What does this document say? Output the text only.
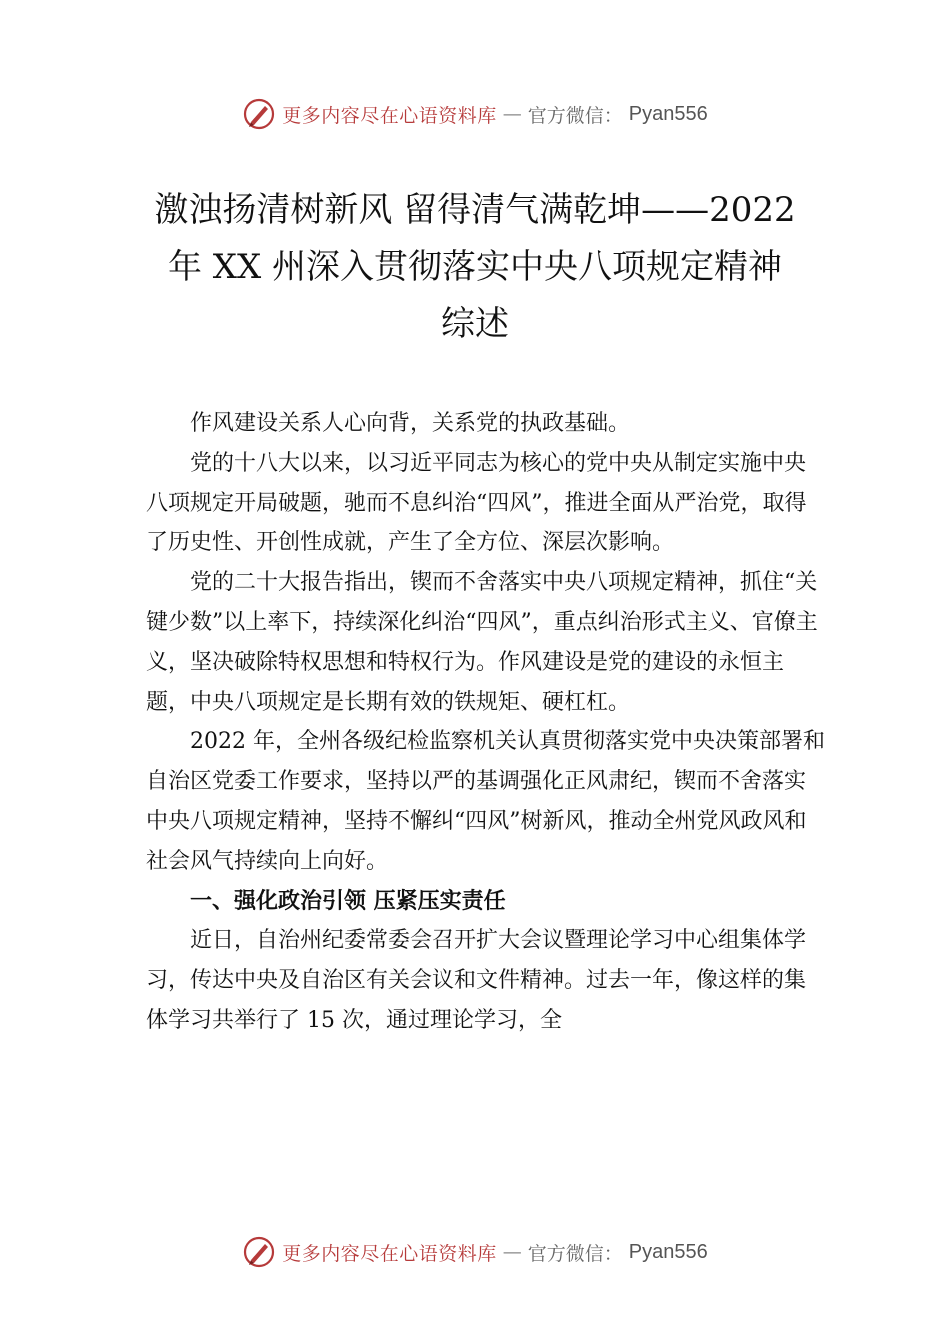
更多内容尽在心语资料库 — 官方微信： Pyan556
激浊扬清树新风 留得清气满乾坤——2022
年 XX 州深入贯彻落实中央八项规定精神
综述

作风建设关系人心向背，关系党的执政基础。

党的十八大以来，以习近平同志为核心的党中央从制定实施中央八项规定开局破题，驰而不息纠治“四风”，推进全面从严治党，取得了历史性、开创性成就，产生了全方位、深层次影响。

党的二十大报告指出，锲而不舍落实中央八项规定精神，抓住“关键少数”以上率下，持续深化纠治“四风”，重点纠治形式主义、官僚主义，坚决破除特权思想和特权行为。作风建设是党的建设的永恒主题，中央八项规定是长期有效的铁规矩、硬杠杠。

2022 年，全州各级纪检监察机关认真贯彻落实党中央决策部署和自治区党委工作要求，坚持以严的基调强化正风肃纪，锲而不舍落实中央八项规定精神，坚持不懈纠“四风”树新风，推动全州党风政风和社会风气持续向上向好。

一、强化政治引领 压紧压实责任

近日，自治州纪委常委会召开扩大会议暨理论学习中心组集体学习，传达中央及自治区有关会议和文件精神。过去一年，像这样的集体学习共举行了 15 次，通过理论学习，全

更多内容尽在心语资料库 — 官方微信： Pyan556
